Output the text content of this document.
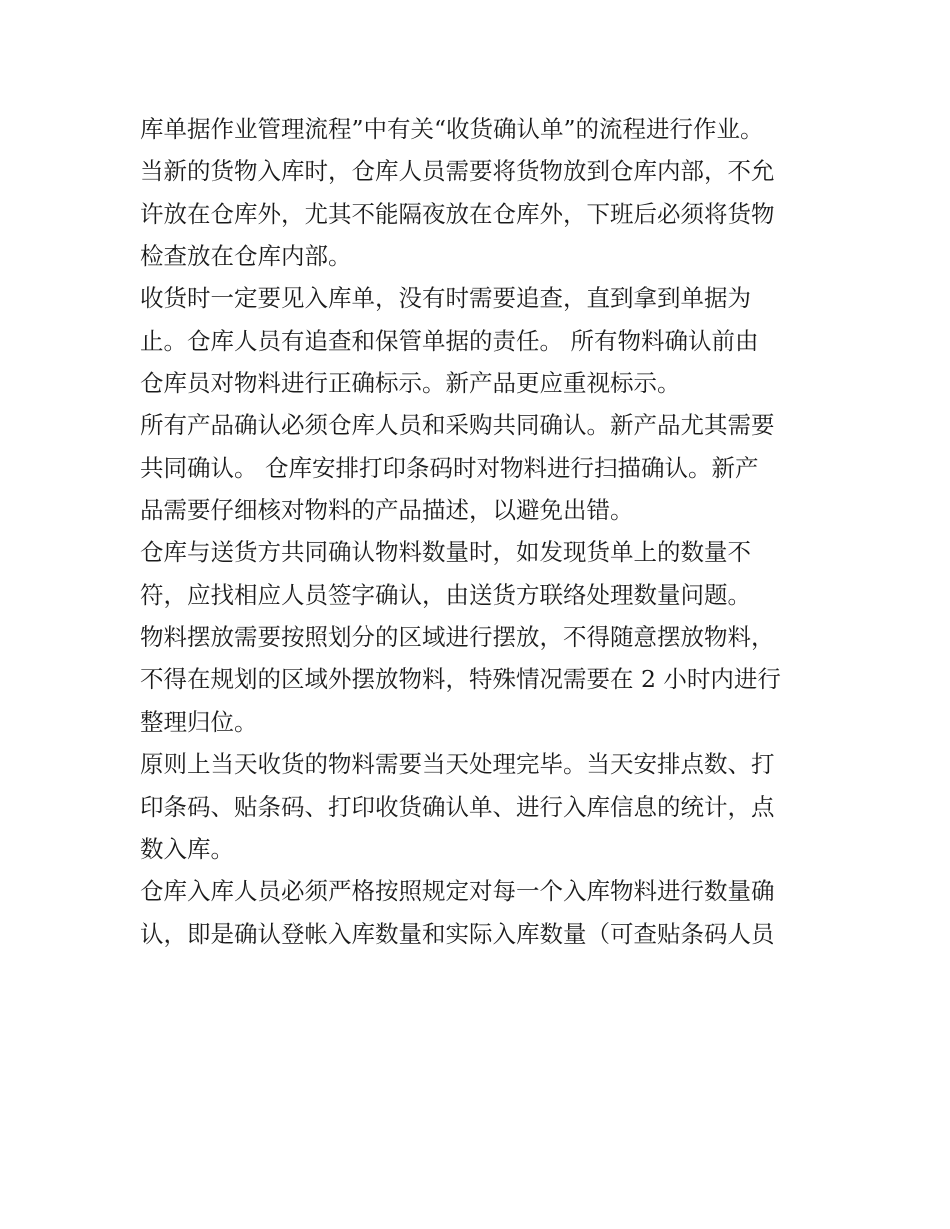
库单据作业管理流程”中有关“收货确认单”的流程进行作业。
当新的货物入库时，仓库人员需要将货物放到仓库内部，不允
许放在仓库外，尤其不能隔夜放在仓库外，下班后必须将货物
检查放在仓库内部。
收货时一定要见入库单，没有时需要追查，直到拿到单据为
止。仓库人员有追查和保管单据的责任。 所有物料确认前由
仓库员对物料进行正确标示。新产品更应重视标示。
所有产品确认必须仓库人员和采购共同确认。新产品尤其需要
共同确认。 仓库安排打印条码时对物料进行扫描确认。新产
品需要仔细核对物料的产品描述，以避免出错。
仓库与送货方共同确认物料数量时，如发现货单上的数量不
符，应找相应人员签字确认，由送货方联络处理数量问题。
物料摆放需要按照划分的区域进行摆放，不得随意摆放物料，
不得在规划的区域外摆放物料，特殊情况需要在 2 小时内进行
整理归位。
原则上当天收货的物料需要当天处理完毕。当天安排点数、打
印条码、贴条码、打印收货确认单、进行入库信息的统计，点
数入库。
仓库入库人员必须严格按照规定对每一个入库物料进行数量确
认，即是确认登帐入库数量和实际入库数量（可查贴条码人员
